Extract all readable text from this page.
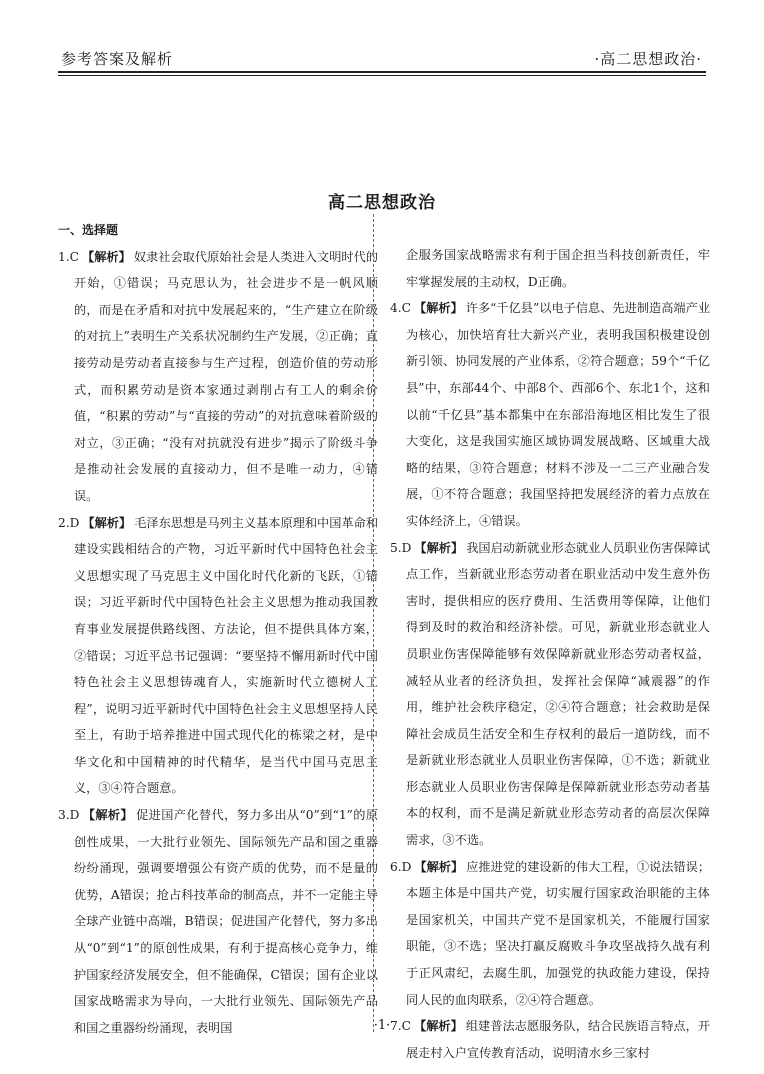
参考答案及解析	·高二思想政治·
高二思想政治
一、选择题
1.C 【解析】 奴隶社会取代原始社会是人类进入文明时代的开始，①错误；马克思认为，社会进步不是一帆风顺的，而是在矛盾和对抗中发展起来的，“生产建立在阶级的对抗上”表明生产关系状况制约生产发展，②正确；直接劳动是劳动者直接参与生产过程，创造价值的劳动形式，而积累劳动是资本家通过剥削占有工人的剩余价值，“积累的劳动”与“直接的劳动”的对抗意味着阶级的对立，③正确；“没有对抗就没有进步”揭示了阶级斗争是推动社会发展的直接动力，但不是唯一动力，④错误。
2.D 【解析】 毛泽东思想是马列主义基本原理和中国革命和建设实践相结合的产物，习近平新时代中国特色社会主义思想实现了马克思主义中国化时代化新的飞跃，①错误；习近平新时代中国特色社会主义思想为推动我国教育事业发展提供路线图、方法论，但不提供具体方案，②错误；习近平总书记强调：“要坚持不懈用新时代中国特色社会主义思想铸魂育人，实施新时代立德树人工程”，说明习近平新时代中国特色社会主义思想坚持人民至上，有助于培养推进中国式现代化的栋梁之材，是中华文化和中国精神的时代精华，是当代中国马克思主义，③④符合题意。
3.D 【解析】 促进国产化替代，努力多出从“0”到“1”的原创性成果，一大批行业领先、国际领先产品和国之重器纷纷涌现，强调要增强公有资产质的优势，而不是量的优势，A错误；抢占科技革命的制高点，并不一定能主导全球产业链中高端，B错误；促进国产化替代，努力多出从“0”到“1”的原创性成果，有利于提高核心竞争力，维护国家经济发展安全，但不能确保，C错误；国有企业以国家战略需求为导向，一大批行业领先、国际领先产品和国之重器纷纷涌现，表明国
企服务国家战略需求有利于国企担当科技创新责任，牢牢掌握发展的主动权，D正确。
4.C 【解析】 许多“千亿县”以电子信息、先进制造高端产业为核心，加快培育壮大新兴产业，表明我国积极建设创新引领、协同发展的产业体系，②符合题意；59个“千亿县”中，东部44个、中部8个、西部6个、东北1个，这和以前“千亿县”基本都集中在东部沿海地区相比发生了很大变化，这是我国实施区域协调发展战略、区域重大战略的结果，③符合题意；材料不涉及一二三产业融合发展，①不符合题意；我国坚持把发展经济的着力点放在实体经济上，④错误。
5.D 【解析】 我国启动新就业形态就业人员职业伤害保障试点工作，当新就业形态劳动者在职业活动中发生意外伤害时，提供相应的医疗费用、生活费用等保障，让他们得到及时的救治和经济补偿。可见，新就业形态就业人员职业伤害保障能够有效保障新就业形态劳动者权益，减轻从业者的经济负担，发挥社会保障“减震器”的作用，维护社会秩序稳定，②④符合题意；社会救助是保障社会成员生活安全和生存权利的最后一道防线，而不是新就业形态就业人员职业伤害保障，①不选；新就业形态就业人员职业伤害保障是保障新就业形态劳动者基本的权利，而不是满足新就业形态劳动者的高层次保障需求，③不选。
6.D 【解析】 应推进党的建设新的伟大工程，①说法错误；本题主体是中国共产党，切实履行国家政治职能的主体是国家机关，中国共产党不是国家机关，不能履行国家职能，③不选；坚决打赢反腐败斗争攻坚战持久战有利于正风肃纪，去腐生肌，加强党的执政能力建设，保持同人民的血肉联系，②④符合题意。
7.C 【解析】 组建普法志愿服务队，结合民族语言特点，开展走村入户宣传教育活动，说明清水乡三家村
·1·
